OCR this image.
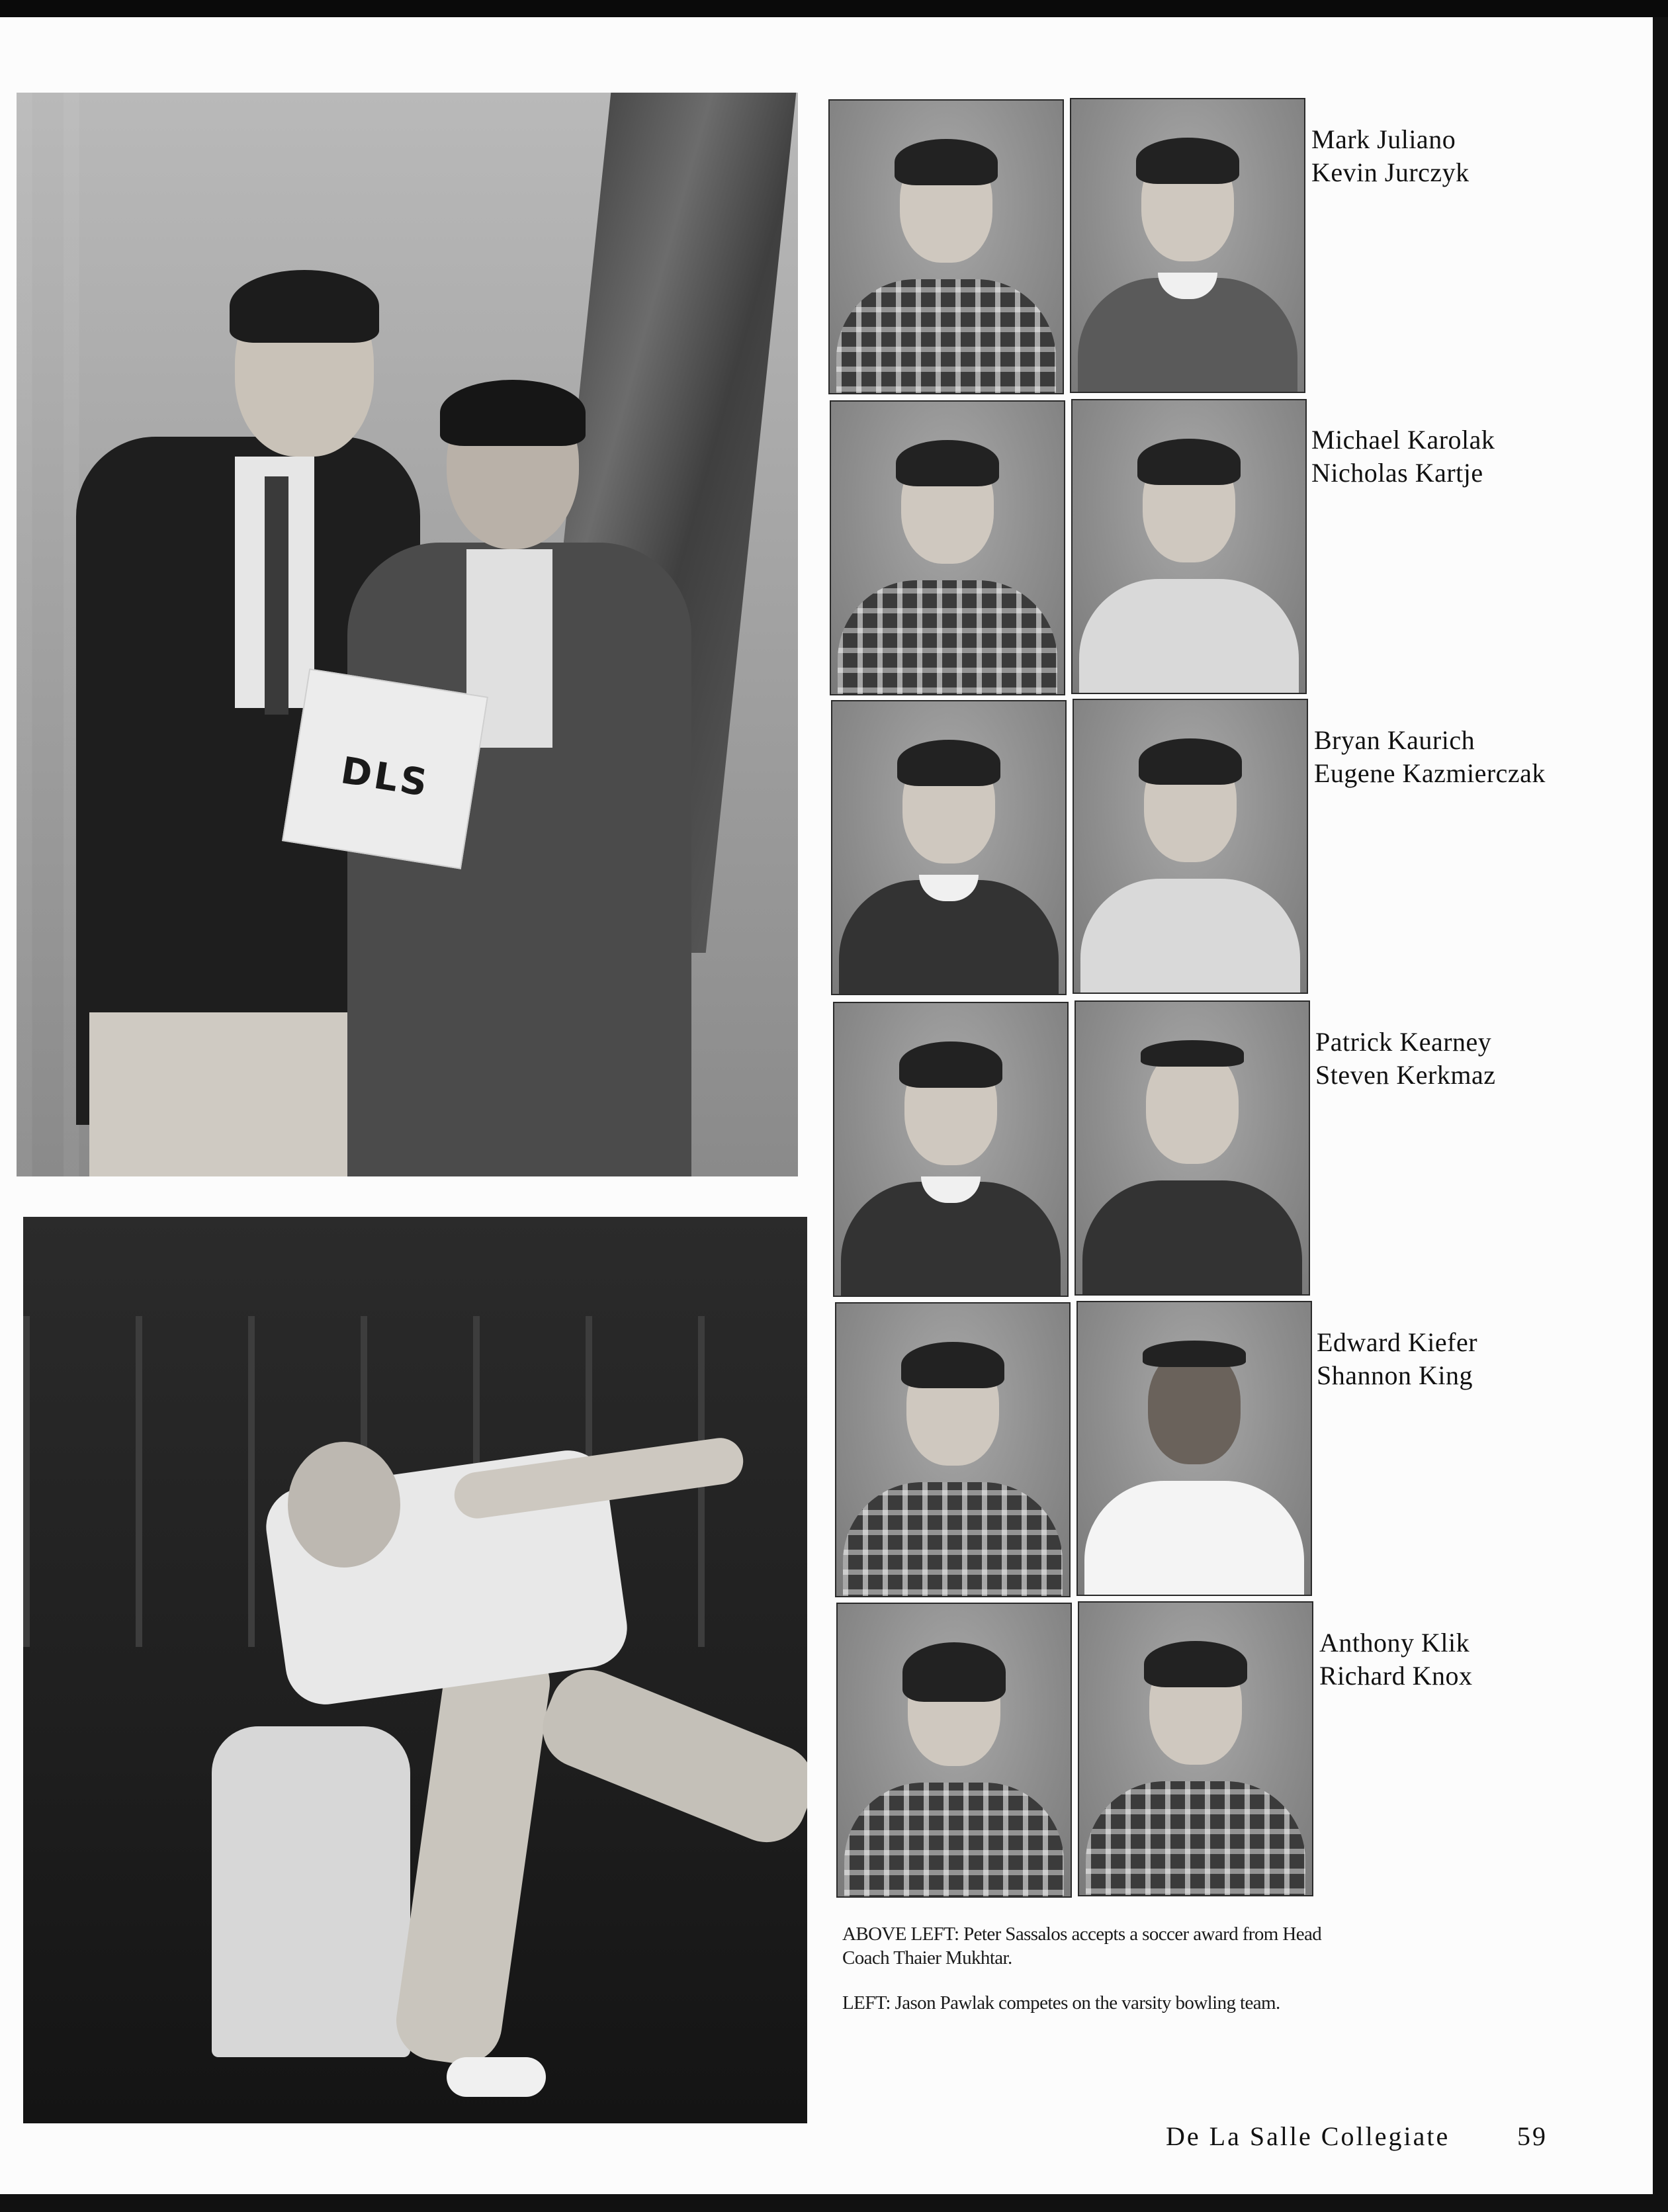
DLS
Mark Juliano
Kevin Jurczyk
Michael Karolak
Nicholas Kartje
Bryan Kaurich
Eugene Kazmierczak
Patrick Kearney
Steven Kerkmaz
Edward Kiefer
Shannon King
Anthony Klik
Richard Knox

ABOVE LEFT: Peter Sassalos accepts a soccer award from Head Coach Thaier Mukhtar.

LEFT: Jason Pawlak competes on the varsity bowling team.

De La Salle Collegiate	59
